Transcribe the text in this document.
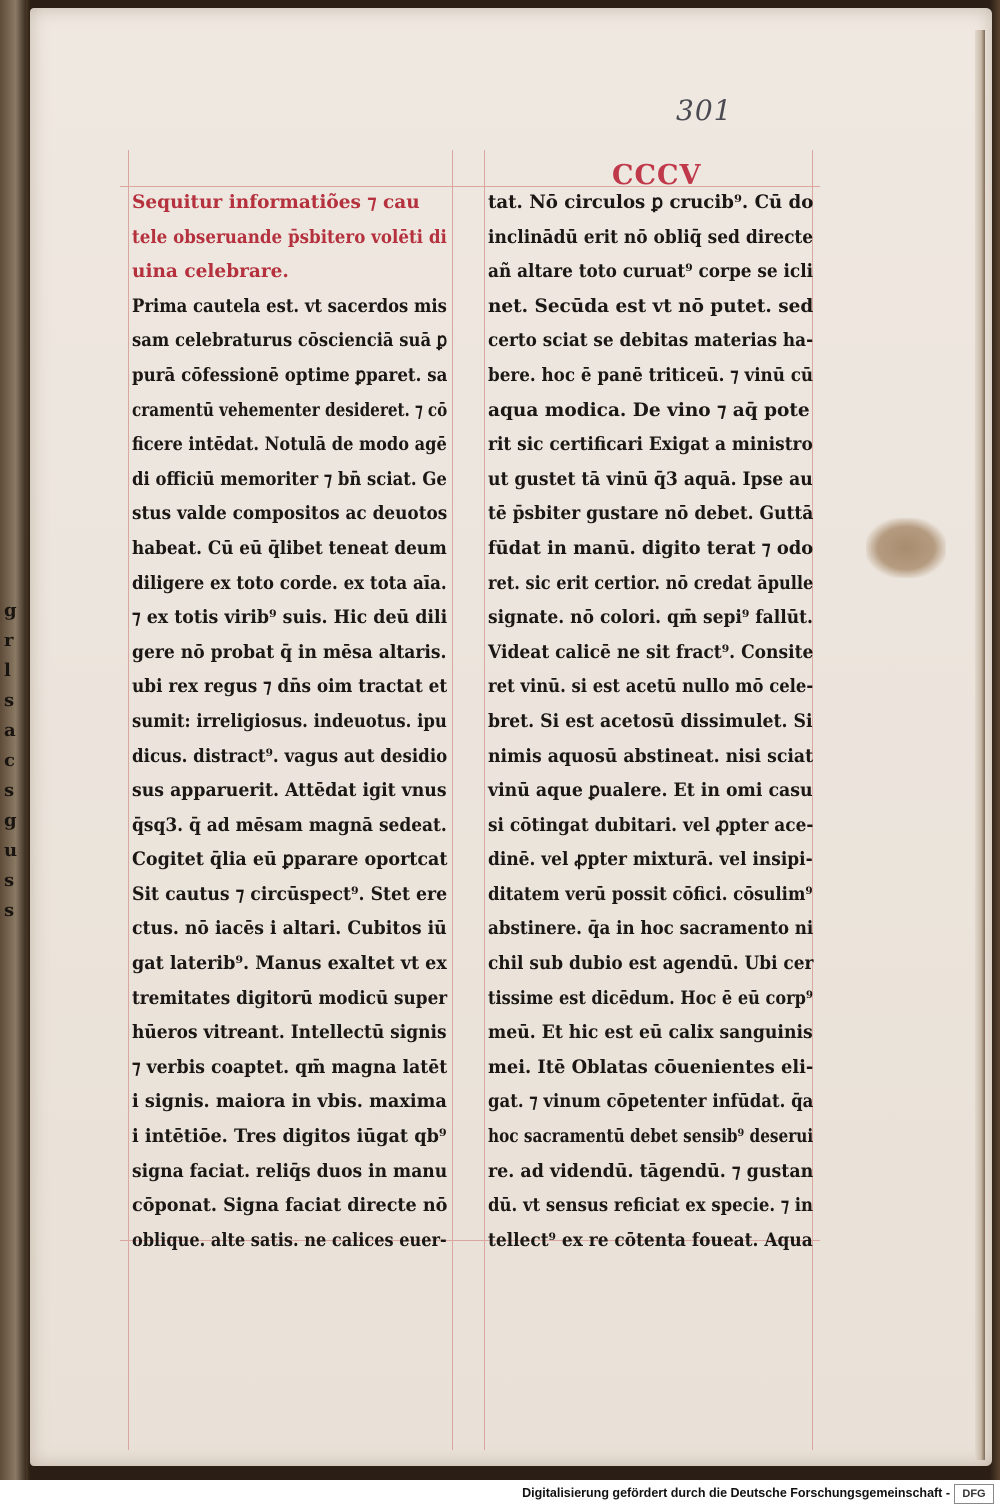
g
r
l
s
a
c
s
g
u
s
s
301
CCCV
Sequitur informatiões ⁊ cau
tele obseruande p̄sbitero volēti di
uina celebrare.
Prima cautela est. vt sacerdos mis
sam celebraturus cōscienciā suā ꝑ
purā cōfessionē optime ꝑparet. sa
cramentū vehementer desideret. ⁊ cō
ficere intēdat. Notulā de modo agē
di officiū memoriter ⁊ bn̄ sciat. Ge
stus valde compositos ac deuotos
habeat. Cū eū q̄libet teneat deum
diligere ex toto corde. ex tota aīa.
⁊ ex totis virib⁹ suis. Hic deū dili
gere nō probat q̄ in mēsa altaris.
ubi rex regus ⁊ dn̄s oim tractat et
sumit: irreligiosus. indeuotus. ipu
dicus. distract⁹. vagus aut desidio
sus apparuerit. Attēdat igit vnus
q̄sq3. q̄ ad mēsam magnā sedeat.
Cogitet q̄lia eū ꝑparare oportcat
Sit cautus ⁊ circūspect⁹. Stet ere
ctus. nō iacēs i altari. Cubitos iū
gat laterib⁹. Manus exaltet vt ex
tremitates digitorū modicū super
hūeros vitreant. Intellectū signis
⁊ verbis coaptet. qm̄ magna latēt
i signis. maiora in vbis. maxima
i intētiōe. Tres digitos iūgat qb⁹
signa faciat. reliq̄s duos in manu
cōponat. Signa faciat directe nō
oblique. alte satis. ne calices euer-
tat. Nō circulos ꝑ crucib⁹. Cū do
inclinādū erit nō obliq̄ sed directe
añ altare toto curuat⁹ corpe se icli
net. Secūda est vt nō putet. sed
certo sciat se debitas materias ha-
bere. hoc ē panē triticeū. ⁊ vinū cū
aqua modica. De vino ⁊ aq̄ pote
rit sic certificari Exigat a ministro
ut gustet tā vinū q̄3 aquā. Ipse au
tē p̄sbiter gustare nō debet. Guttā
fūdat in manū. digito terat ⁊ odo
ret. sic erit certior. nō credat āpulle
signate. nō colori. qm̄ sepi⁹ fallūt.
Videat calicē ne sit fract⁹. Consite
ret vinū. si est acetū nullo mō cele-
bret. Si est acetosū dissimulet. Si
nimis aquosū abstineat. nisi sciat
vinū aque ꝑualere. Et in omi casu
si cōtingat dubitari. vel ꝓpter ace-
dinē. vel ꝓpter mixturā. vel insipi-
ditatem verū possit cōfici. cōsulim⁹
abstinere. q̄a in hoc sacramento ni
chil sub dubio est agendū. Ubi cer
tissime est dicēdum. Hoc ē eū corp⁹
meū. Et hic est eū calix sanguinis
mei. Itē Oblatas cōuenientes eli-
gat. ⁊ vinum cōpetenter infūdat. q̄a
hoc sacramentū debet sensib⁹ deserui
re. ad videndū. tāgendū. ⁊ gustan
dū. vt sensus reficiat ex specie. ⁊ in
tellect⁹ ex re cōtenta foueat. Aqua
Digitalisierung gefördert durch die Deutsche Forschungsgemeinschaft -	DFG
